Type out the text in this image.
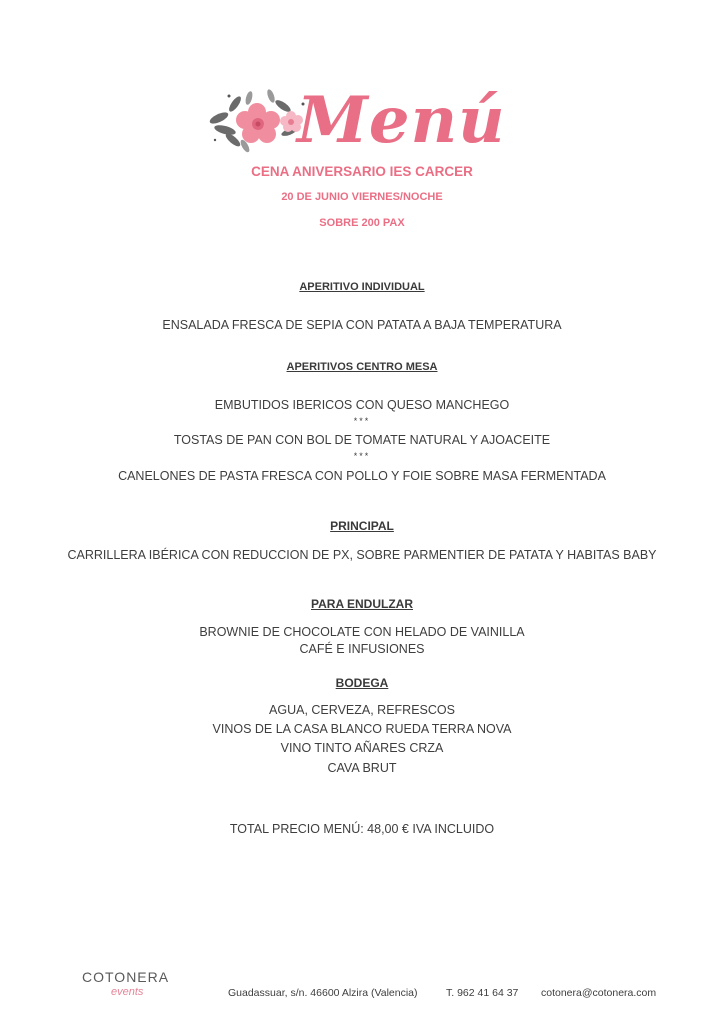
Menú
CENA ANIVERSARIO IES CARCER
20 DE JUNIO VIERNES/NOCHE
SOBRE 200 PAX
APERITIVO INDIVIDUAL
ENSALADA FRESCA DE SEPIA CON PATATA A BAJA TEMPERATURA
APERITIVOS CENTRO MESA
EMBUTIDOS IBERICOS CON QUESO MANCHEGO
***
TOSTAS DE PAN CON BOL DE TOMATE NATURAL Y AJOACEITE
***
CANELONES DE PASTA FRESCA CON POLLO Y FOIE SOBRE MASA FERMENTADA
PRINCIPAL
CARRILLERA IBÉRICA CON REDUCCION DE PX, SOBRE PARMENTIER DE PATATA Y HABITAS BABY
PARA ENDULZAR
BROWNIE DE CHOCOLATE CON HELADO DE VAINILLA
CAFÉ E INFUSIONES
BODEGA
AGUA, CERVEZA, REFRESCOS
VINOS DE LA CASA BLANCO RUEDA TERRA NOVA
VINO TINTO AÑARES CRZA
CAVA BRUT
TOTAL PRECIO MENÚ: 48,00 € IVA INCLUIDO
COTONERA
events	Guadassuar, s/n. 46600 Alzira (Valencia)	T. 962 41 64 37 cotonera@cotonera.com
